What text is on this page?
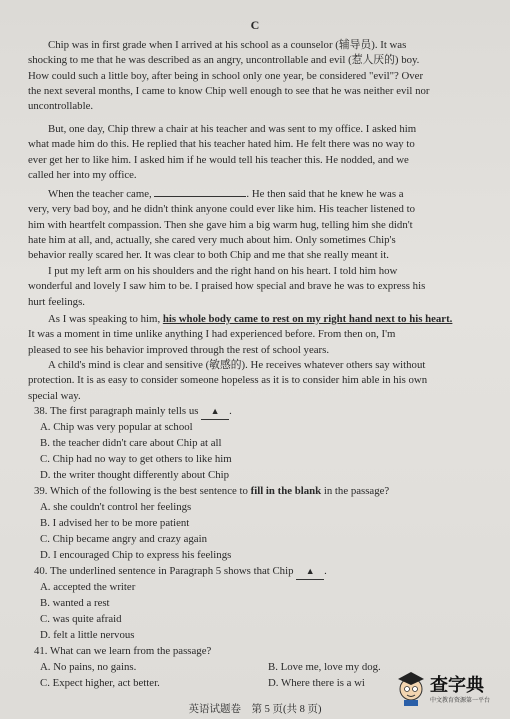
C
Chip was in first grade when I arrived at his school as a counselor (辅导员). It was
shocking to me that he was described as an angry, uncontrollable and evil (惹人厌的) boy.
How could such a little boy, after being in school only one year, be considered "evil"? Over
the next several months, I came to know Chip well enough to see that he was neither evil nor
uncontrollable.
But, one day, Chip threw a chair at his teacher and was sent to my office. I asked him
what made him do this. He replied that his teacher hated him. He felt there was no way to
ever get her to like him. I asked him if he would tell his teacher this. He nodded, and we
called her into my office.
When the teacher came,	. He then said that he knew he was a
very, very bad boy, and he didn't think anyone could ever like him. His teacher listened to
him with heartfelt compassion. Then she gave him a big warm hug, telling him she didn't
hate him at all, and, actually, she cared very much about him. Only sometimes Chip's
behavior really scared her. It was clear to both Chip and me that she really meant it.
I put my left arm on his shoulders and the right hand on his heart. I told him how
wonderful and lovely I saw him to be. I praised how special and brave he was to express his
hurt feelings.
As I was speaking to him, his whole body came to rest on my right hand next to his heart.
It was a moment in time unlike anything I had experienced before. From then on, I'm
pleased to see his behavior improved through the rest of school years.
A child's mind is clear and sensitive (敏感的). He receives whatever others say without
protection. It is as easy to consider someone hopeless as it is to consider him able in his own
special way.
38. The first paragraph mainly tells us ▲ .
A. Chip was very popular at school
B. the teacher didn't care about Chip at all
C. Chip had no way to get others to like him
D. the writer thought differently about Chip
39. Which of the following is the best sentence to fill in the blank in the passage?
A. she couldn't control her feelings
B. I advised her to be more patient
C. Chip became angry and crazy again
D. I encouraged Chip to express his feelings
40. The underlined sentence in Paragraph 5 shows that Chip ▲ .
A. accepted the writer
B. wanted a rest
C. was quite afraid
D. felt a little nervous
41. What can we learn from the passage?
A. No pains, no gains.	B. Love me, love my dog.
C. Expect higher, act better.	D. Where there is a wi
英语试题卷　第 5 页(共 8 页)
查字典
中文教育资源第一平台
